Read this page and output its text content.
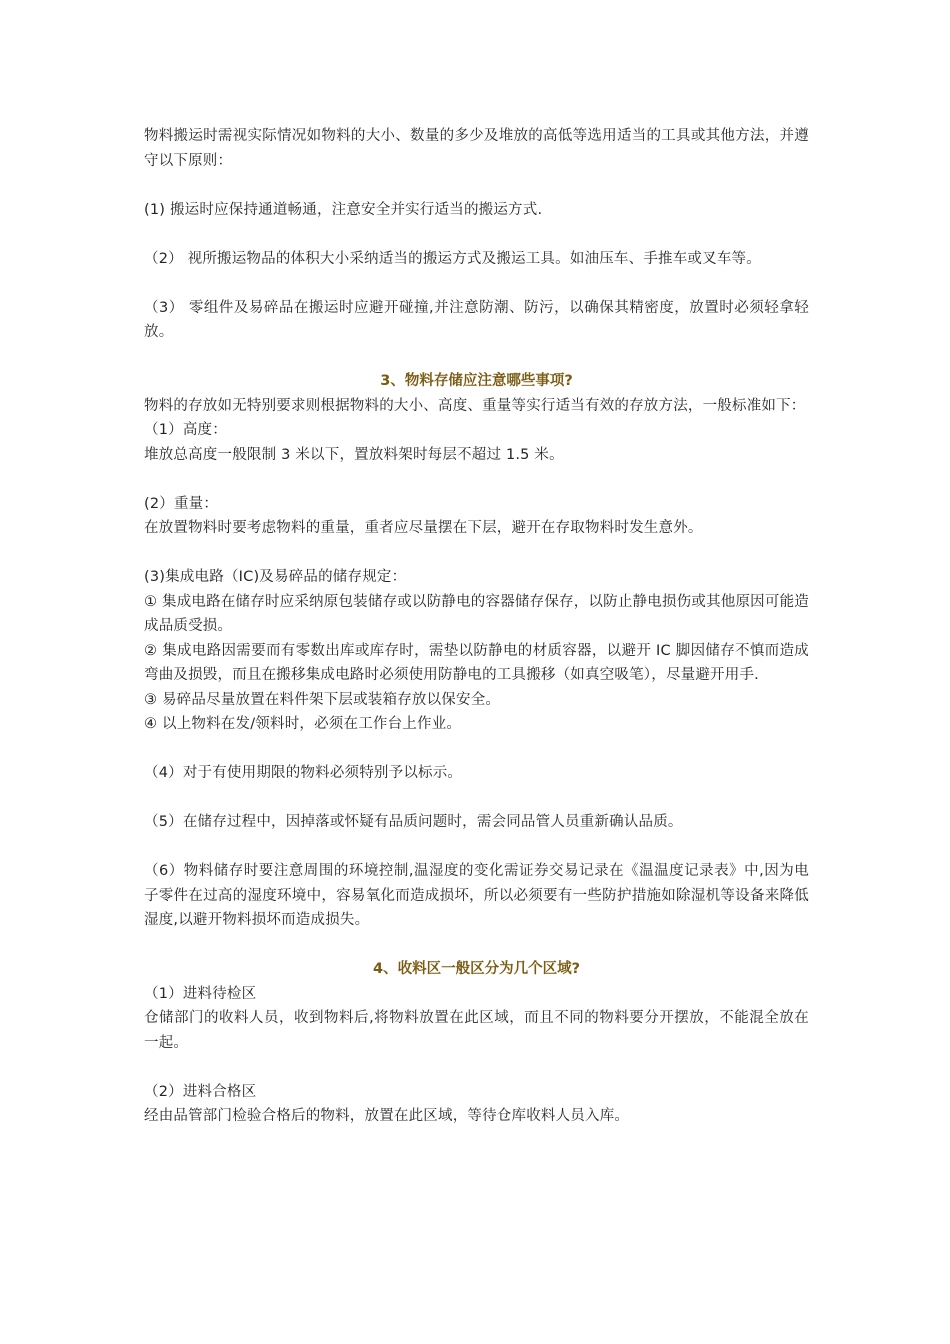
物料搬运时需视实际情况如物料的大小、数量的多少及堆放的高低等选用适当的工具或其他方法，并遵守以下原则：

(1) 搬运时应保持通道畅通，注意安全并实行适当的搬运方式.

（2） 视所搬运物品的体积大小采纳适当的搬运方式及搬运工具。如油压车、手推车或叉车等。

（3） 零组件及易碎品在搬运时应避开碰撞,并注意防潮、防污，以确保其精密度，放置时必须轻拿轻放。

3、物料存储应注意哪些事项?

物料的存放如无特别要求则根据物料的大小、高度、重量等实行适当有效的存放方法，一般标准如下：

（1）高度：

堆放总高度一般限制 3 米以下，置放料架时每层不超过 1.5 米。

(2）重量：

在放置物料时要考虑物料的重量，重者应尽量摆在下层，避开在存取物料时发生意外。

(3)集成电路（IC)及易碎品的储存规定：

① 集成电路在储存时应采纳原包装储存或以防静电的容器储存保存，以防止静电损伤或其他原因可能造成品质受损。

② 集成电路因需要而有零数出库或库存时，需垫以防静电的材质容器，以避开 IC 脚因储存不慎而造成弯曲及损毁，而且在搬移集成电路时必须使用防静电的工具搬移（如真空吸笔），尽量避开用手.

③ 易碎品尽量放置在料件架下层或装箱存放以保安全。

④ 以上物料在发/领料时，必须在工作台上作业。

（4）对于有使用期限的物料必须特别予以标示。

（5）在储存过程中，因掉落或怀疑有品质问题时，需会同品管人员重新确认品质。

（6）物料储存时要注意周围的环境控制,温湿度的变化需证券交易记录在《温温度记录表》中,因为电子零件在过高的湿度环境中，容易氧化而造成损坏，所以必须要有一些防护措施如除湿机等设备来降低湿度,以避开物料损坏而造成损失。

4、收料区一般区分为几个区域?

（1）进料待检区

仓储部门的收料人员，收到物料后,将物料放置在此区域，而且不同的物料要分开摆放，不能混全放在一起。

（2）进料合格区

经由品管部门检验合格后的物料，放置在此区域，等待仓库收料人员入库。
